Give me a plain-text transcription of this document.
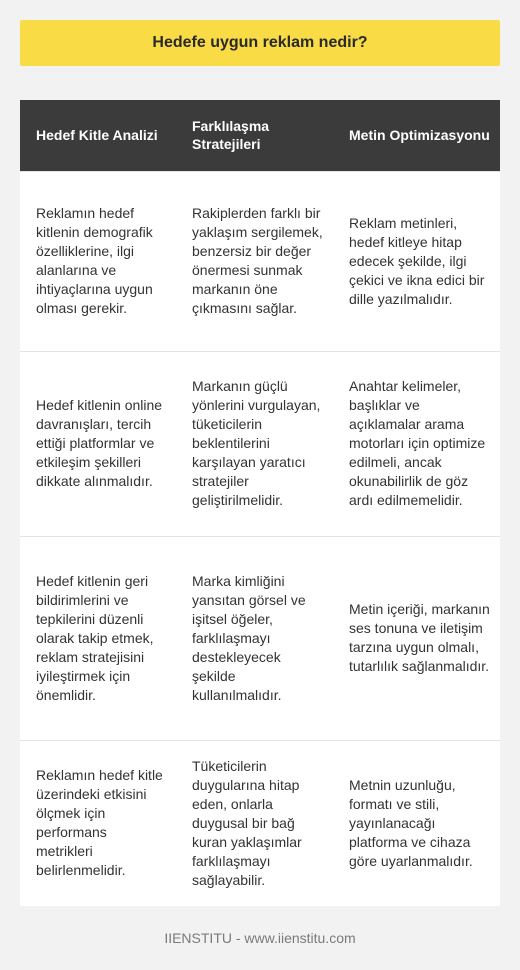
Hedefe uygun reklam nedir?
Hedef Kitle Analizi	Farklılaşma Stratejileri	Metin Optimizasyonu
Reklamın hedef kitlenin demografik özelliklerine, ilgi alanlarına ve ihtiyaçlarına uygun olması gerekir.	Rakiplerden farklı bir yaklaşım sergilemek, benzersiz bir değer önermesi sunmak markanın öne çıkmasını sağlar.	Reklam metinleri, hedef kitleye hitap edecek şekilde, ilgi çekici ve ikna edici bir dille yazılmalıdır.
Hedef kitlenin online davranışları, tercih ettiği platformlar ve etkileşim şekilleri dikkate alınmalıdır.	Markanın güçlü yönlerini vurgulayan, tüketicilerin beklentilerini karşılayan yaratıcı stratejiler geliştirilmelidir.	Anahtar kelimeler, başlıklar ve açıklamalar arama motorları için optimize edilmeli, ancak okunabilirlik de göz ardı edilmemelidir.
Hedef kitlenin geri bildirimlerini ve tepkilerini düzenli olarak takip etmek, reklam stratejisini iyileştirmek için önemlidir.	Marka kimliğini yansıtan görsel ve işitsel öğeler, farklılaşmayı destekleyecek şekilde kullanılmalıdır.	Metin içeriği, markanın ses tonuna ve iletişim tarzına uygun olmalı, tutarlılık sağlanmalıdır.
Reklamın hedef kitle üzerindeki etkisini ölçmek için performans metrikleri belirlenmelidir.	Tüketicilerin duygularına hitap eden, onlarla duygusal bir bağ kuran yaklaşımlar farklılaşmayı sağlayabilir.	Metnin uzunluğu, formatı ve stili, yayınlanacağı platforma ve cihaza göre uyarlanmalıdır.
IIENSTITU - www.iienstitu.com
